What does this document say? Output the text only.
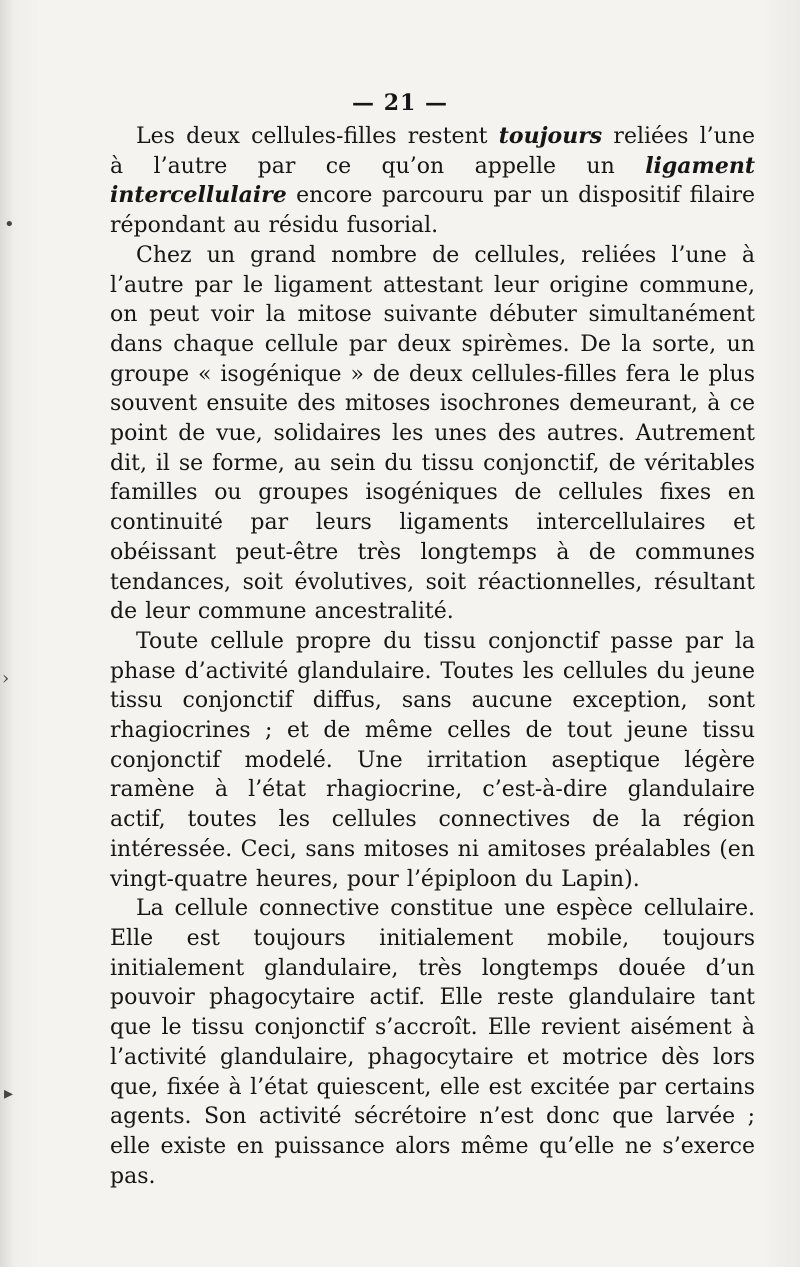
— 21 —

Les deux cellules-filles restent toujours reliées l’une à l’autre par ce qu’on appelle un ligament intercellulaire encore parcouru par un dispositif filaire répondant au résidu fusorial.

Chez un grand nombre de cellules, reliées l’une à l’autre par le ligament attestant leur origine commune, on peut voir la mitose suivante débuter simultanément dans chaque cellule par deux spirèmes. De la sorte, un groupe « isogénique » de deux cellules-filles fera le plus souvent ensuite des mitoses isochrones demeurant, à ce point de vue, solidaires les unes des autres. Autrement dit, il se forme, au sein du tissu conjonctif, de véritables familles ou groupes isogéniques de cellules fixes en continuité par leurs ligaments intercellulaires et obéissant peut-être très longtemps à de communes tendances, soit évolutives, soit réactionnelles, résultant de leur commune ancestralité.

Toute cellule propre du tissu conjonctif passe par la phase d’activité glandulaire. Toutes les cellules du jeune tissu conjonctif diffus, sans aucune exception, sont rhagiocrines ; et de même celles de tout jeune tissu conjonctif modelé. Une irritation aseptique légère ramène à l’état rhagiocrine, c’est-à-dire glandulaire actif, toutes les cellules connectives de la région intéressée. Ceci, sans mitoses ni amitoses préalables (en vingt-quatre heures, pour l’épiploon du Lapin).

La cellule connective constitue une espèce cellulaire. Elle est toujours initialement mobile, toujours initialement glandulaire, très longtemps douée d’un pouvoir phagocytaire actif. Elle reste glandulaire tant que le tissu conjonctif s’accroît. Elle revient aisément à l’activité glandulaire, phagocytaire et motrice dès lors que, fixée à l’état quiescent, elle est excitée par certains agents. Son activité sécrétoire n’est donc que larvée ; elle existe en puissance alors même qu’elle ne s’exerce pas.

•
›
▸
